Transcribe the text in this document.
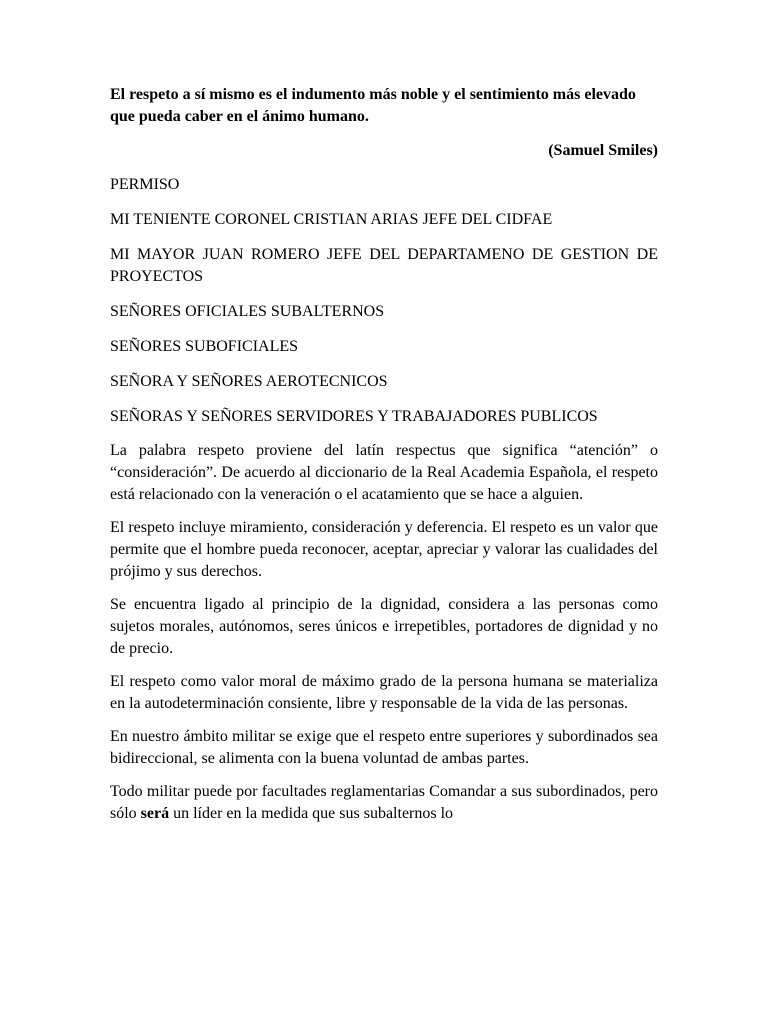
El respeto a sí mismo es el indumento más noble y el sentimiento más elevado que pueda caber en el ánimo humano.

(Samuel Smiles)

PERMISO

MI TENIENTE CORONEL CRISTIAN ARIAS JEFE DEL CIDFAE

MI MAYOR JUAN ROMERO JEFE DEL DEPARTAMENO DE GESTION DE PROYECTOS

SEÑORES OFICIALES SUBALTERNOS

SEÑORES SUBOFICIALES

SEÑORA Y SEÑORES AEROTECNICOS

SEÑORAS Y SEÑORES SERVIDORES Y TRABAJADORES PUBLICOS

La palabra respeto proviene del latín respectus que significa “atención” o “consideración”. De acuerdo al diccionario de la Real Academia Española, el respeto está relacionado con la veneración o el acatamiento que se hace a alguien.

El respeto incluye miramiento, consideración y deferencia. El respeto es un valor que permite que el hombre pueda reconocer, aceptar, apreciar y valorar las cualidades del prójimo y sus derechos.

Se encuentra ligado al principio de la dignidad, considera a las personas como sujetos morales, autónomos, seres únicos e irrepetibles, portadores de dignidad y no de precio.

El respeto como valor moral de máximo grado de la persona humana se materializa en la autodeterminación consiente, libre y responsable de la vida de las personas.

En nuestro ámbito militar se exige que el respeto entre superiores y subordinados sea bidireccional, se alimenta con la buena voluntad de ambas partes.

Todo militar puede por facultades reglamentarias Comandar a sus subordinados, pero sólo será un líder en la medida que sus subalternos lo
